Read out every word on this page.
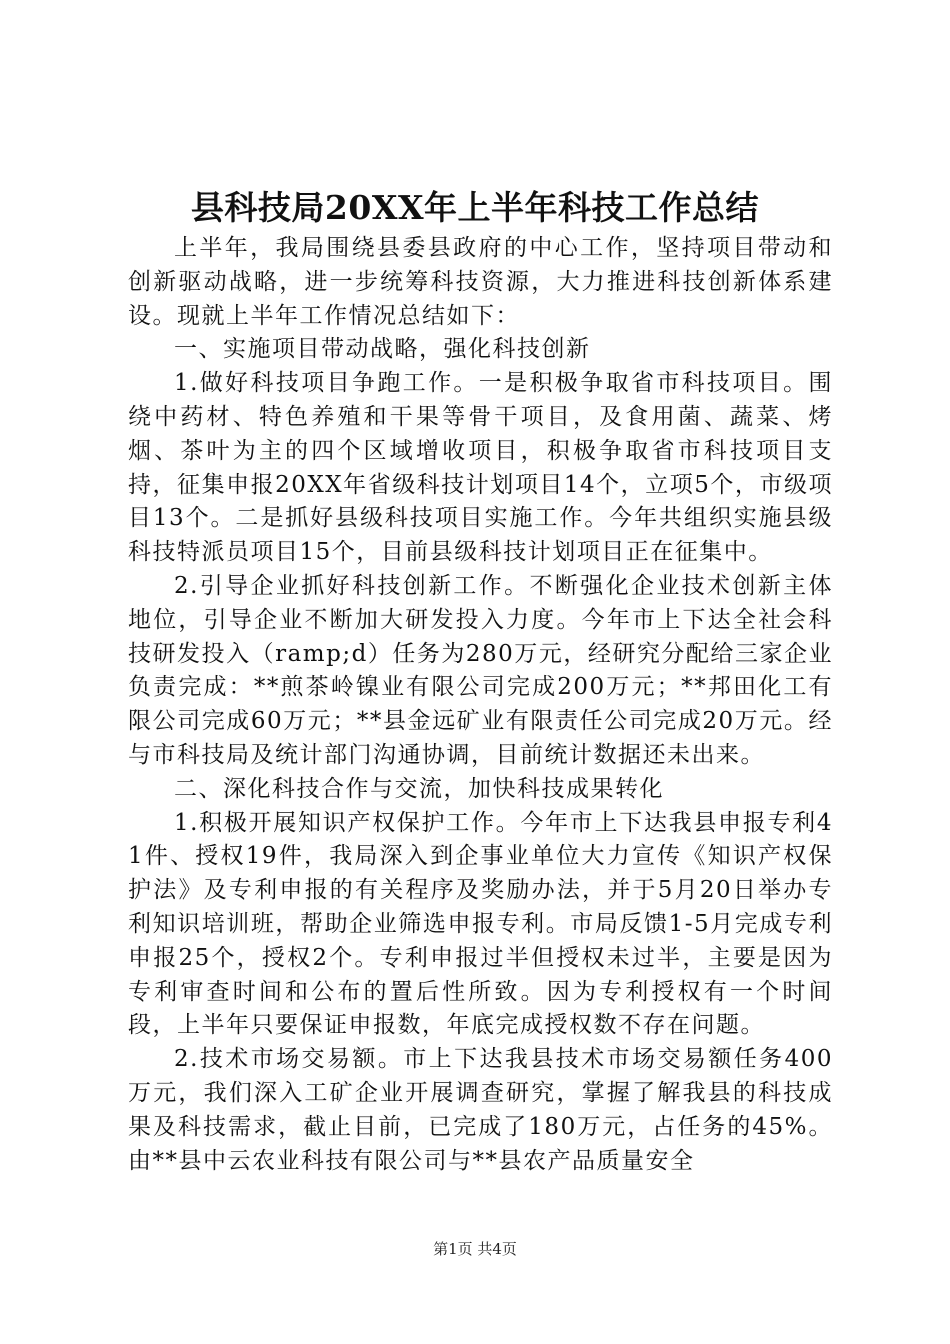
县科技局20XX年上半年科技工作总结

上半年，我局围绕县委县政府的中心工作，坚持项目带动和创新驱动战略，进一步统筹科技资源，大力推进科技创新体系建设。现就上半年工作情况总结如下：

一、实施项目带动战略，强化科技创新

1.做好科技项目争跑工作。一是积极争取省市科技项目。围绕中药材、特色养殖和干果等骨干项目，及食用菌、蔬菜、烤烟、茶叶为主的四个区域增收项目，积极争取省市科技项目支持，征集申报20XX年省级科技计划项目14个，立项5个，市级项目13个。二是抓好县级科技项目实施工作。今年共组织实施县级科技特派员项目15个，目前县级科技计划项目正在征集中。

2.引导企业抓好科技创新工作。不断强化企业技术创新主体地位，引导企业不断加大研发投入力度。今年市上下达全社会科技研发投入（ramp;d）任务为280万元，经研究分配给三家企业负责完成：**煎茶岭镍业有限公司完成200万元；**邦田化工有限公司完成60万元；**县金远矿业有限责任公司完成20万元。经与市科技局及统计部门沟通协调，目前统计数据还未出来。

二、深化科技合作与交流，加快科技成果转化

1.积极开展知识产权保护工作。今年市上下达我县申报专利41件、授权19件，我局深入到企事业单位大力宣传《知识产权保护法》及专利申报的有关程序及奖励办法，并于5月20日举办专利知识培训班，帮助企业筛选申报专利。市局反馈1-5月完成专利申报25个，授权2个。专利申报过半但授权未过半，主要是因为专利审查时间和公布的置后性所致。因为专利授权有一个时间段，上半年只要保证申报数，年底完成授权数不存在问题。

2.技术市场交易额。市上下达我县技术市场交易额任务400万元，我们深入工矿企业开展调查研究，掌握了解我县的科技成果及科技需求，截止目前，已完成了180万元，占任务的45%。由**县中云农业科技有限公司与**县农产品质量安全

第1页 共4页
